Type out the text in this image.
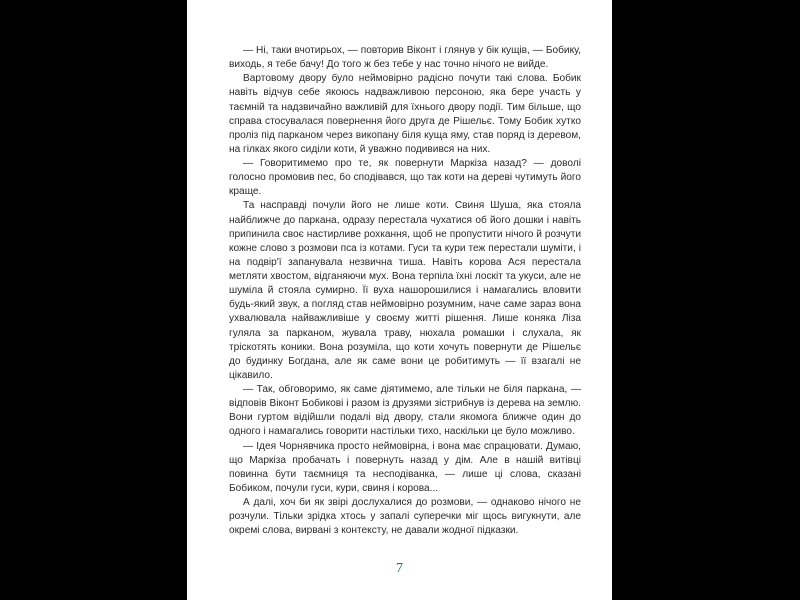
— Ні, таки вчотирьох, — повторив Віконт і глянув у бік кущів, — Бобику, виходь, я тебе бачу! До того ж без тебе у нас точно нічого не вийде.

Вартовому двору було неймовірно радісно почути такі слова. Бобик навіть відчув себе якоюсь надважливою персоною, яка бере участь у таємній та надзвичайно важливій для їхнього двору події. Тим більше, що справа стосувалася повернення його друга де Рішельє. Тому Бобик хутко проліз під парканом через викопану біля куща яму, став поряд із деревом, на гілках якого сиділи коти, й уважно подивився на них.

— Говоритимемо про те, як повернути Маркіза назад? — доволі голосно промовив пес, бо сподівався, що так коти на дереві чутимуть його краще.

Та насправді почули його не лише коти. Свиня Шуша, яка стояла найближче до паркана, одразу перестала чухатися об його дошки і навіть припинила своє настирливе рохкання, щоб не пропустити нічого й розчути кожне слово з розмови пса із котами. Гуси та кури теж перестали шуміти, і на подвір'ї запанувала незвична тиша. Навіть корова Ася перестала метляти хвостом, відганяючи мух. Вона терпіла їхні лоскіт та укуси, але не шуміла й стояла сумирно. Її вуха нашорошилися і намагались вловити будь-який звук, а погляд став неймовірно розумним, наче саме зараз вона ухвалювала найважливіше у своєму житті рішення. Лише коняка Ліза гуляла за парканом, жувала траву, нюхала ромашки і слухала, як тріскотять коники. Вона розуміла, що коти хочуть повернути де Рішельє до будинку Богдана, але як саме вони це робитимуть — її взагалі не цікавило.

— Так, обговоримо, як саме діятимемо, але тільки не біля паркана, — відповів Віконт Бобикові і разом із друзями зістрибнув із дерева на землю. Вони гуртом відійшли подалі від двору, стали якомога ближче один до одного і намагались говорити настільки тихо, наскільки це було можливо.

— Ідея Чорнявчика просто неймовірна, і вона має спрацювати. Думаю, що Маркіза пробачать і повернуть назад у дім. Але в нашій витівці повинна бути таємниця та несподіванка, — лише ці слова, сказані Бобиком, почули гуси, кури, свиня і корова...

А далі, хоч би як звірі дослухалися до розмови, — однаково нічого не розчули. Тільки зрідка хтось у запалі суперечки міг щось вигукнути, але окремі слова, вирвані з контексту, не давали жодної підказки.

7
